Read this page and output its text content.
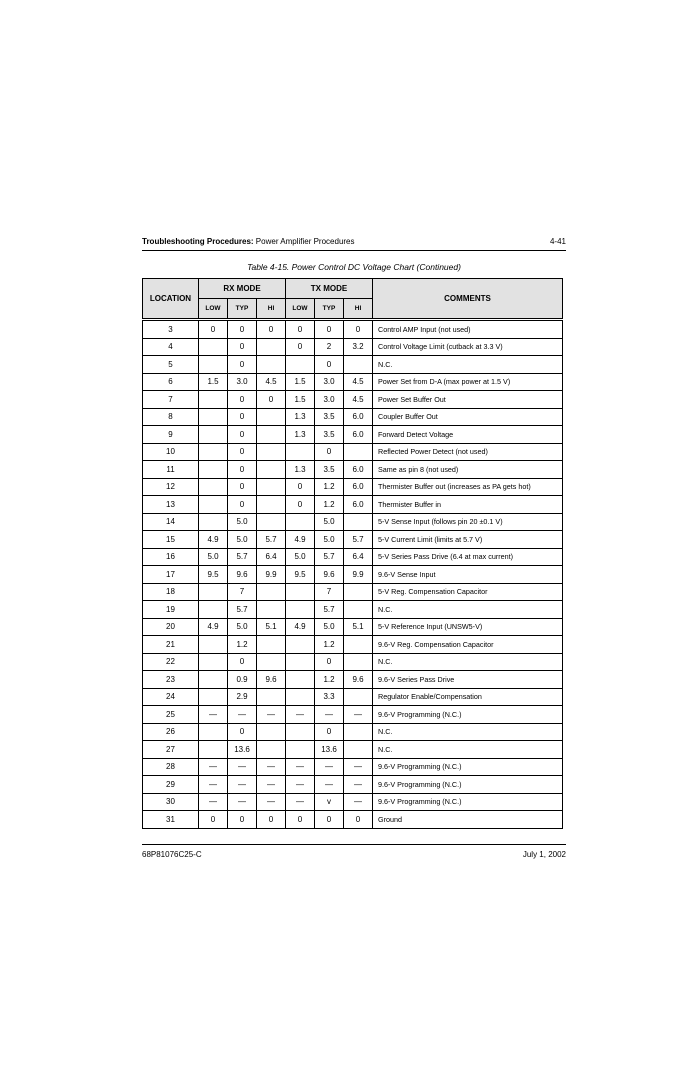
Troubleshooting Procedures: Power Amplifier Procedures	4-41
Table 4-15. Power Control DC Voltage Chart (Continued)
LOCATION	RX MODE			TX MODE			COMMENTS
	LOW	TYP	HI	LOW	TYP	HI	
3	0	0	0	0	0	0	Control AMP Input (not used)
4		0		0	2	3.2	Control Voltage Limit (cutback at 3.3 V)
5		0			0		N.C.
6	1.5	3.0	4.5	1.5	3.0	4.5	Power Set from D-A (max power at 1.5 V)
7		0	0	1.5	3.0	4.5	Power Set Buffer Out
8		0		1.3	3.5	6.0	Coupler Buffer Out
9		0		1.3	3.5	6.0	Forward Detect Voltage
10		0			0		Reflected Power Detect (not used)
11		0		1.3	3.5	6.0	Same as pin 8 (not used)
12		0		0	1.2	6.0	Thermister Buffer out (increases as PA gets hot)
13		0		0	1.2	6.0	Thermister Buffer in
14		5.0			5.0		5-V Sense Input (follows pin 20 ±0.1 V)
15	4.9	5.0	5.7	4.9	5.0	5.7	5-V Current Limit (limits at 5.7 V)
16	5.0	5.7	6.4	5.0	5.7	6.4	5-V Series Pass Drive (6.4 at max current)
17	9.5	9.6	9.9	9.5	9.6	9.9	9.6-V Sense Input
18		7			7		5-V Reg. Compensation Capacitor
19		5.7			5.7		N.C.
20	4.9	5.0	5.1	4.9	5.0	5.1	5-V Reference Input (UNSW5-V)
21		1.2			1.2		9.6-V Reg. Compensation Capacitor
22		0			0		N.C.
23		0.9	9.6		1.2	9.6	9.6-V Series Pass Drive
24		2.9			3.3		Regulator Enable/Compensation
25	—	—	—	—	—	—	9.6-V Programming (N.C.)
26		0			0		N.C.
27		13.6			13.6		N.C.
28	—	—	—	—	—	—	9.6-V Programming (N.C.)
29	—	—	—	—	—	—	9.6-V Programming (N.C.)
30	—	—	—	—	v	—	9.6-V Programming (N.C.)
31	0	0	0	0	0	0	Ground
68P81076C25-C	July 1, 2002
